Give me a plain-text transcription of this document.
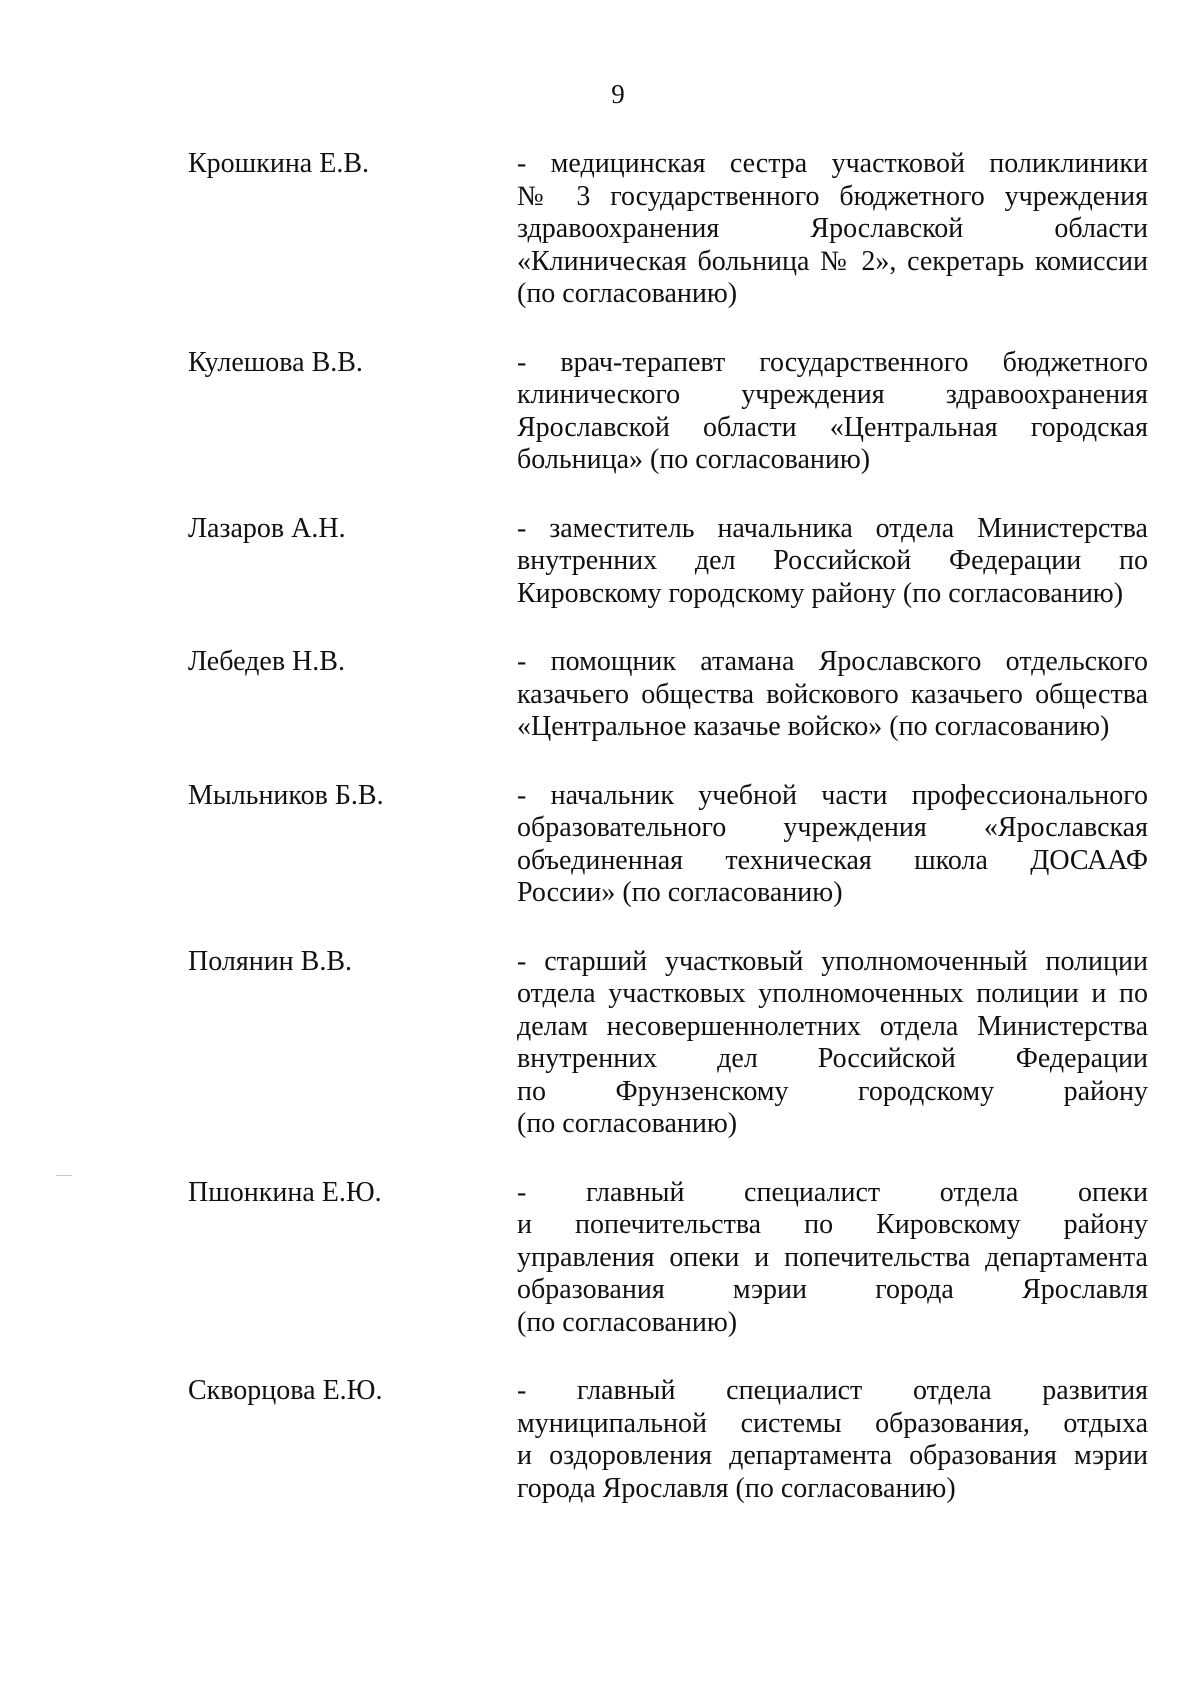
9
Крошкина Е.В.	- медицинская сестра участковой поликлиники
№ 3 государственного бюджетного учреждения
здравоохранения Ярославской области
«Клиническая больница № 2», секретарь комиссии
(по согласованию)
Кулешова В.В.	- врач-терапевт государственного бюджетного
клинического учреждения здравоохранения
Ярославской области «Центральная городская
больница» (по согласованию)
Лазаров А.Н.	- заместитель начальника отдела Министерства
внутренних дел Российской Федерации по
Кировскому городскому району (по согласованию)
Лебедев Н.В.	- помощник атамана Ярославского отдельского
казачьего общества войскового казачьего общества
«Центральное казачье войско» (по согласованию)
Мыльников Б.В.	- начальник учебной части профессионального
образовательного учреждения «Ярославская
объединенная техническая школа ДОСААФ
России» (по согласованию)
Полянин В.В.	- старший участковый уполномоченный полиции
отдела участковых уполномоченных полиции и по
делам несовершеннолетних отдела Министерства
внутренних дел Российской Федерации
по Фрунзенскому городскому району
(по согласованию)
Пшонкина Е.Ю.	- главный специалист отдела опеки
и попечительства по Кировскому району
управления опеки и попечительства департамента
образования мэрии города Ярославля
(по согласованию)
Скворцова Е.Ю.	- главный специалист отдела развития
муниципальной системы образования, отдыха
и оздоровления департамента образования мэрии
города Ярославля (по согласованию)
